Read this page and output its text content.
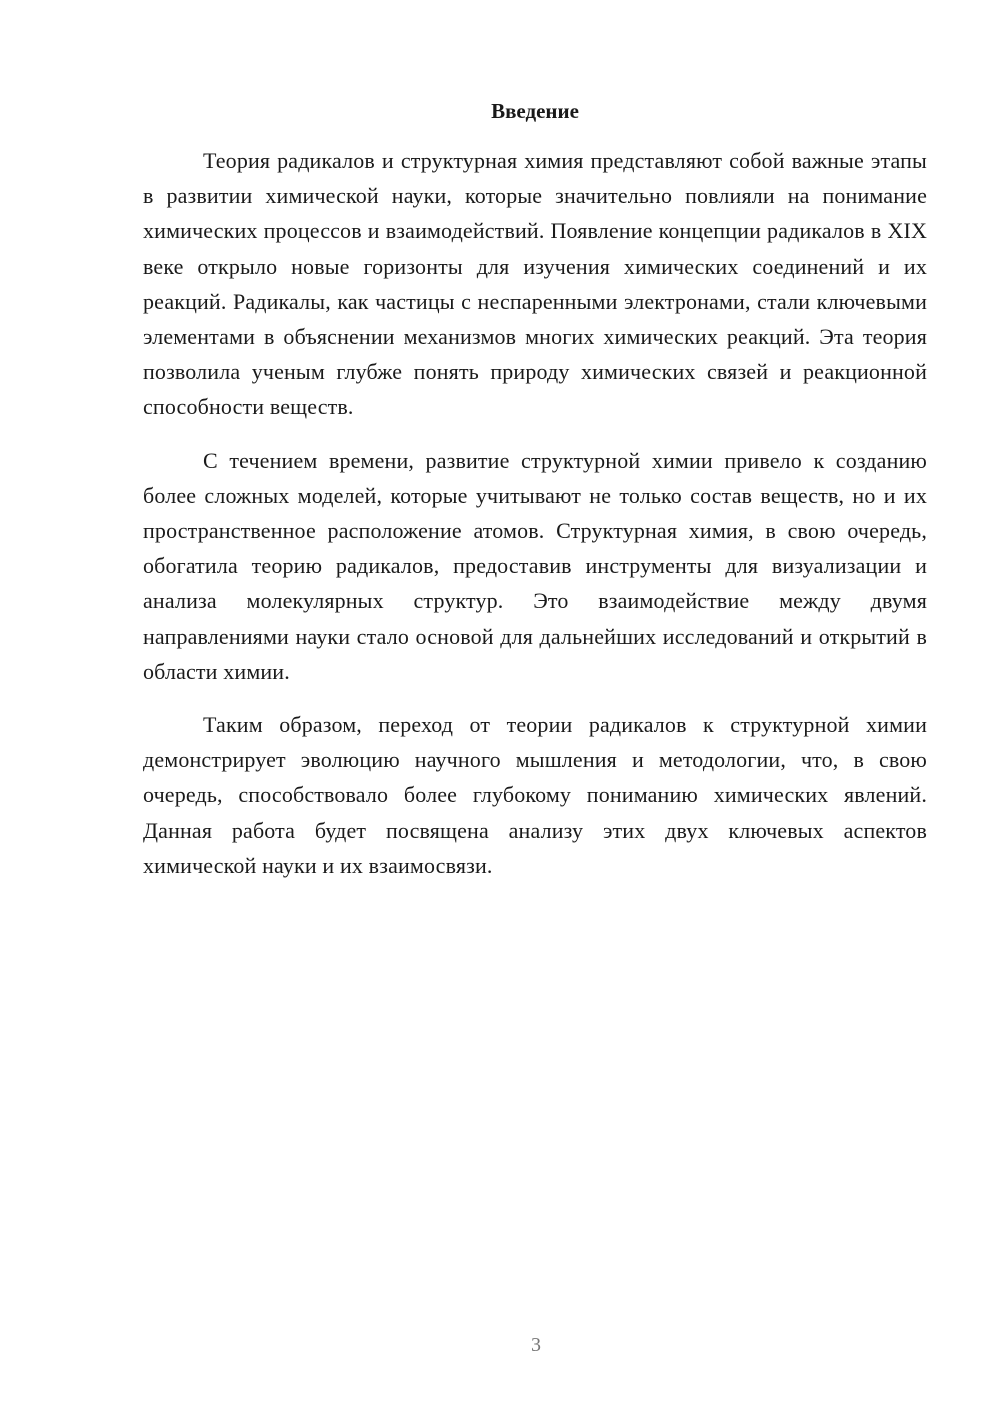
Введение

Теория радикалов и структурная химия представляют собой важные этапы в развитии химической науки, которые значительно повлияли на понимание химических процессов и взаимодействий. Появление концепции радикалов в XIX веке открыло новые горизонты для изучения химических соединений и их реакций. Радикалы, как частицы с неспаренными электронами, стали ключевыми элементами в объяснении механизмов многих химических реакций. Эта теория позволила ученым глубже понять природу химических связей и реакционной способности веществ.

С течением времени, развитие структурной химии привело к созданию более сложных моделей, которые учитывают не только состав веществ, но и их пространственное расположение атомов. Структурная химия, в свою очередь, обогатила теорию радикалов, предоставив инструменты для визуализации и анализа молекулярных структур. Это взаимодействие между двумя направлениями науки стало основой для дальнейших исследований и открытий в области химии.

Таким образом, переход от теории радикалов к структурной химии демонстрирует эволюцию научного мышления и методологии, что, в свою очередь, способствовало более глубокому пониманию химических явлений. Данная работа будет посвящена анализу этих двух ключевых аспектов химической науки и их взаимосвязи.

3
